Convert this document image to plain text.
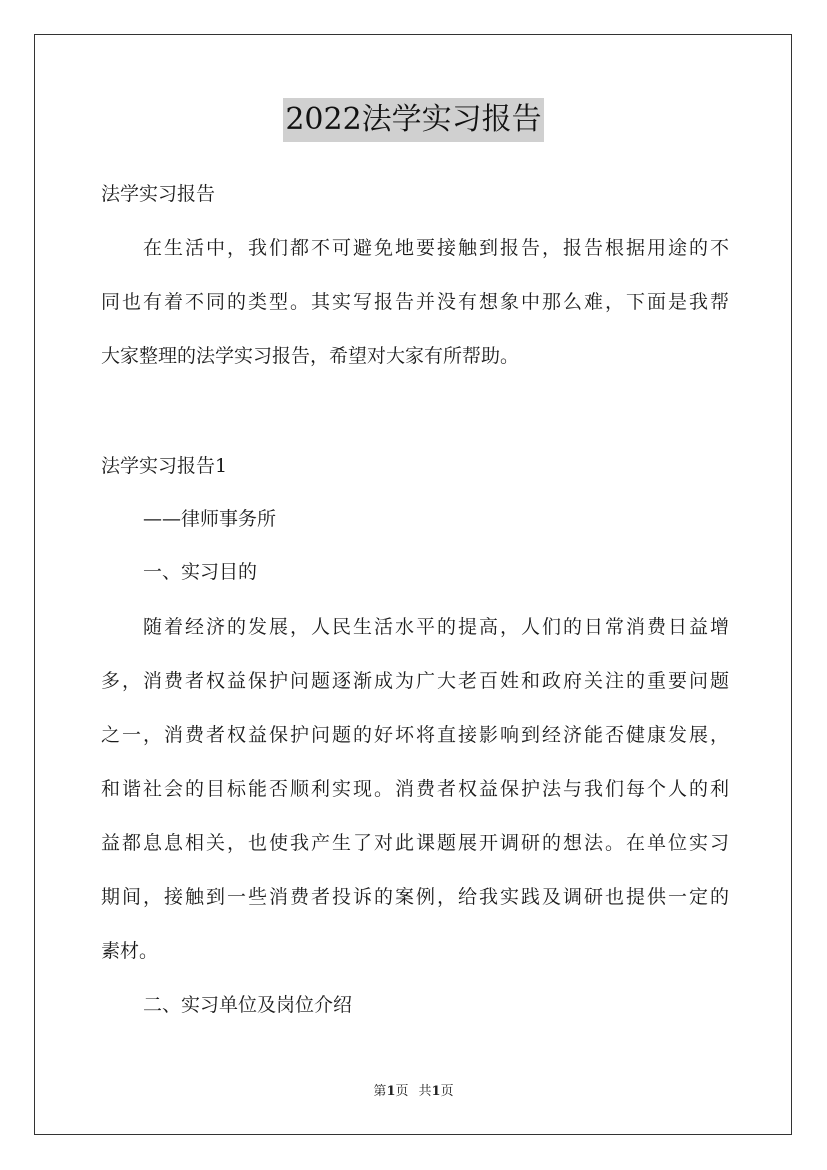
2022法学实习报告
法学实习报告
在生活中，我们都不可避免地要接触到报告，报告根据用途的不
同也有着不同的类型。其实写报告并没有想象中那么难，下面是我帮
大家整理的法学实习报告，希望对大家有所帮助。
法学实习报告1
——律师事务所
一、实习目的
随着经济的发展，人民生活水平的提高，人们的日常消费日益增
多，消费者权益保护问题逐渐成为广大老百姓和政府关注的重要问题
之一，消费者权益保护问题的好坏将直接影响到经济能否健康发展，
和谐社会的目标能否顺利实现。消费者权益保护法与我们每个人的利
益都息息相关，也使我产生了对此课题展开调研的想法。在单位实习
期间，接触到一些消费者投诉的案例，给我实践及调研也提供一定的
素材。
二、实习单位及岗位介绍
第1页 共1页
